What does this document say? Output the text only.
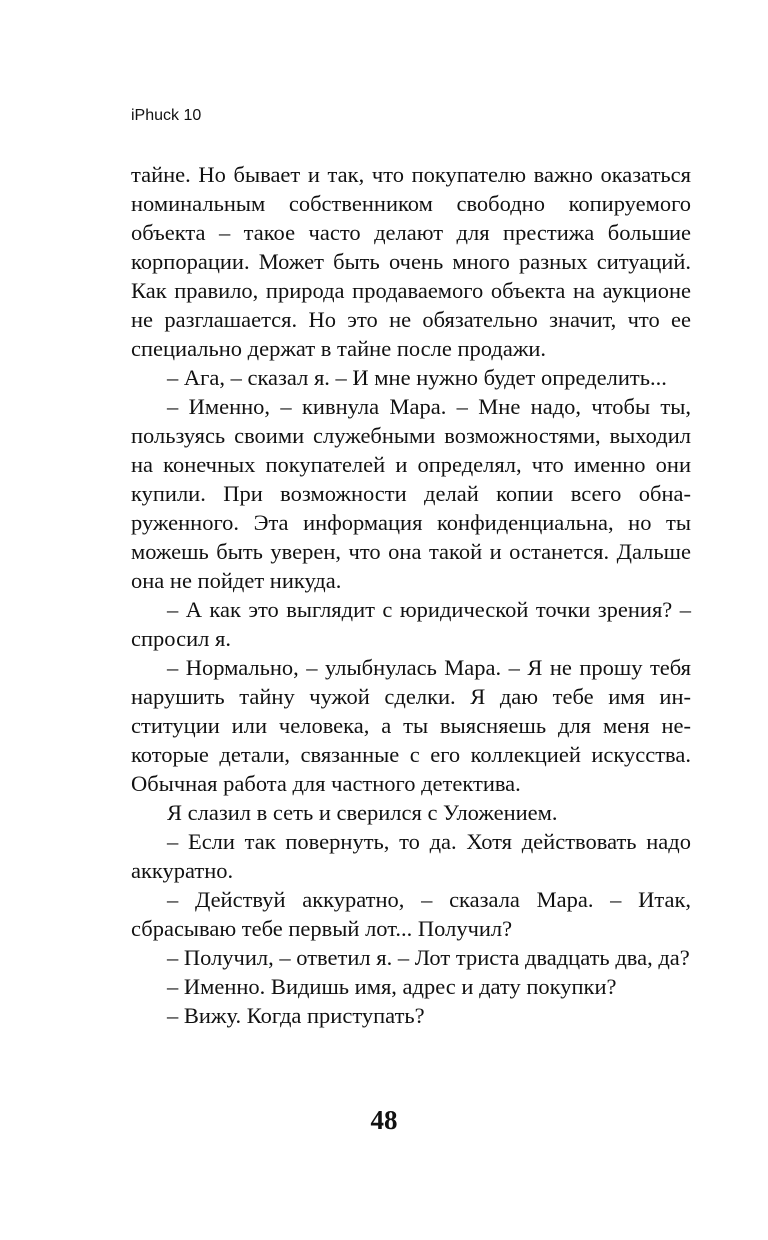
iPhuck 10

тайне. Но бывает и так, что покупателю важно оказаться номинальным собственником свободно копируемого объекта – такое часто делают для престижа большие корпорации. Может быть очень много разных ситуаций. Как правило, природа продаваемого объекта на аукционе не разглашается. Но это не обязательно значит, что ее специально держат в тайне после продажи.

– Ага, – сказал я. – И мне нужно будет определить...

– Именно, – кивнула Мара. – Мне надо, чтобы ты, пользуясь своими служебными возможностями, выходил на конечных покупателей и определял, что именно они купили. При возможности делай копии всего обнаруженного. Эта информация конфиденциальна, но ты можешь быть уверен, что она такой и останется. Дальше она не пойдет никуда.

– А как это выглядит с юридической точки зрения? – спросил я.

– Нормально, – улыбнулась Мара. – Я не прошу тебя нарушить тайну чужой сделки. Я даю тебе имя институции или человека, а ты выясняешь для меня некоторые детали, связанные с его коллекцией искусства. Обычная работа для частного детектива.

Я слазил в сеть и сверился с Уложением.

– Если так повернуть, то да. Хотя действовать надо аккуратно.

– Действуй аккуратно, – сказала Мара. – Итак, сбрасываю тебе первый лот... Получил?

– Получил, – ответил я. – Лот триста двадцать два, да?

– Именно. Видишь имя, адрес и дату покупки?

– Вижу. Когда приступать?

48
